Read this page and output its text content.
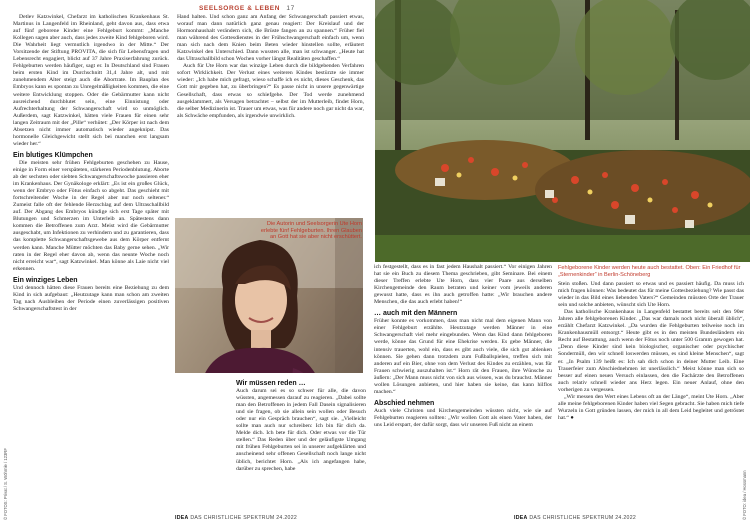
SEELSORGE & LEBEN 17

Detlev Katzwinkel, Chefarzt im katholischen Krankenhaus St. Martinus in Langenfeld im Rheinland, geht davon aus, dass etwa auf fünf geborene Kinder eine Fehlgeburt kommt: „Manche Kollegen sagen aber auch, dass jedes zweite Kind fehlgeboren wird. Die Wahrheit liegt vermutlich irgendwo in der Mitte.“ Der Vorsitzende der Stiftung PROVITA, die sich für Lebensfragen und Lebensrecht engagiert, blickt auf 37 Jahre Praxiserfahrung zurück. Fehlgeburten werden häufiger, sagt er. In Deutschland sind Frauen beim ersten Kind im Durchschnitt 31,4 Jahre alt, und mit zunehmendem Alter steigt auch die Abortrate. Im Bauplan des Embryos kann es spontan zu Unregelmäßigkeiten kommen, die eine weitere Entwicklung stoppen. Oder die Gebärmutter kann nicht ausreichend durchblutet sein, eine Einnistung oder Aufrechterhaltung der Schwangerschaft wird so unmöglich. Außerdem, sagt Katzwinkel, hätten viele Frauen für einen sehr langen Zeitraum mit der „Pille“ verhütet: „Der Körper ist nach dem Absetzen nicht immer automatisch wieder angeknipst. Das hormonelle Gleichgewicht stellt sich bei manchen erst langsam wieder her.“

Ein blutiges Klümpchen

Die meisten sehr frühen Fehlgeburten geschehen zu Hause, einige in Form einer verspäteten, stärkeren Periodenblutung. Aborte ab der sechsten oder siebten Schwangerschaftswoche passieren eher im Krankenhaus. Der Gynäkologe erklärt: „Es ist ein großes Glück, wenn der Embryo oder Fötus einfach so abgeht. Das geschieht mit fortschreitender Woche in der Regel aber nur noch seltener.“ Zumeist falle oft der fehlende Herzschlag auf dem Ultraschallbild auf. Der Abgang des Embryos kündige sich erst Tage später mit Blutungen und Schmerzen im Unterleib an. Spätestens dann kommen die Betroffenen zum Arzt. Meist wird die Gebärmutter ausgeschabt, um Infektionen zu verhindern und zu garantieren, dass das komplette Schwangerschaftsgewebe aus dem Körper entfernt werden kann. Manche Mütter möchten das Baby gerne sehen. „Wir raten in der Regel eher davon ab, wenn das neunte Woche noch nicht erreicht war“, sagt Katzwinkel. Man könne als Laie nicht viel erkennen.

Ein winziges Leben

Und dennoch hätten diese Frauen bereits eine Beziehung zu dem Kind in sich aufgebaut: „Heutzutage kann man schon am zweiten Tag nach Ausbleiben der Periode einen zuverlässigen positiven Schwangerschaftstest in der

Hand halten. Und schon ganz am Anfang der Schwangerschaft passiert etwas, worauf man dann natürlich ganz genau reagiert: Der Kreislauf und der Hormonhaushalt verändern sich, die Brüste fangen an zu spannen.“ Früher fiel man während des Gottesdienstes in der Frühschwangerschaft einfach um, wenn man sich nach dem Knien beim Beten wieder hinstellen sollte, erläutert Katzwinkel den Unterschied. Dann wussten alle, man ist schwanger. „Heute hat das Ultraschallbild schon Wochen vorher längst Realitäten geschaffen.“

Auch für Ute Horn war das winzige Leben durch die bildgebenden Verfahren sofort Wirklichkeit. Der Verlust eines weiteren Kindes bestürzte sie immer wieder: „Ich habe mich gefragt, wieso schaffe ich es nicht, dieses Geschenk, das Gott mir gegeben hat, zu überbringen?“ Es passe nicht in unsere gegenwärtige Gesellschaft, dass etwas so schiefgehe. Der Tod werde zunehmend ausgeklammert, als Versagen betrachtet – selbst der im Mutterleib, findet Horn, die selber Medizinerin ist. Trauer um etwas, was für andere noch gar nicht da war, als Schwäche empfunden, als irgendwie unwirklich.

Die Autorin und Seelsorgerin Ute Horn erlebte fünf Fehlgeburten. Ihren Glauben an Gott hat sie aber nicht erschüttert.
Fehlgeborene Kinder werden heute auch bestattet. Oben: Ein Friedhof für „Sternenkinder“ in Berlin-Schöneberg

ich festgestellt, dass es in fast jedem Haushalt passiert.“ Vor einigen Jahren hat sie ein Buch zu diesem Thema geschrieben, gibt Seminare. Bei einem dieser Treffen erlebte Ute Horn, dass vier Paare aus derselben Kirchengemeinde den Raum betraten und keiner vom jeweils anderen gewusst hatte, dass es ihn auch getroffen hatte: „Wir brauchen andere Menschen, die das auch erlebt haben!“

… auch mit den Männern

Früher konnte es vorkommen, dass man nicht mal dem eigenen Mann von einer Fehlgeburt erzählte. Heutzutage werden Männer in eine Schwangerschaft viel mehr eingebunden. Wenn das Kind dann fehlgeboren werde, könne das Grund für eine Ehekrise werden. Es gebe Männer, die intensiv trauerten, wohl ein, dass es gibt auch viele, die sich gut ablenken können. Sie gehen dann trotzdem zum Fußballspielen, treffen sich mit anderen auf ein Bier, ohne von dem Verlust des Kindes zu erzählen, was für Frauen schwierig auszuhalten ist.“ Horn rät den Frauen, ihre Wünsche zu äußern: „Der Mann muss nicht von sich aus wissen, was du brauchst. Männer wollen Lösungen anbieten, und hier haben sie keine, das kann hilflos machen.“

Abschied nehmen

Auch viele Christen und Kirchengemeinden wüssten nicht, wie sie auf Fehlgeburten reagieren sollten: „Wir wollen Gott als einen Vater haben, der uns Leid erspart, der dafür sorgt, dass wir unseren Fuß nicht an einem

Stein stoßen. Und dann passiert so etwas und es passiert häufig. Da muss ich mich fragen können: Was bedeutet das für meine Gottesbeziehung? Wie passt das wieder in das Bild eines liebenden Vaters?“ Gemeinden müssten Orte der Trauer sein und solche anbieten, wünscht sich Ute Horn.

Das katholische Krankenhaus in Langenfeld bestattet bereits seit den 90er Jahren alle fehlgeborenen Kinder. „Das war damals noch nicht überall üblich“, erzählt Chefarzt Katzwinkel. „Da wurden die Fehlgeburten teilweise noch im Krankenhausmüll entsorgt.“ Heute gibt es in den meisten Bundesländern ein Recht auf Bestattung, auch wenn der Fötus noch unter 500 Gramm gewogen hat. „Denn diese Kinder sind kein biologischer, organischer oder psychischer Sondermüll, den wir schnell loswerden müssen, es sind kleine Menschen“, sagt er. „In Psalm 139 heißt es: Ich sah dich schon in deiner Mutter Leib. Eine Trauerfeier zum Abschiednehmen ist unerlässlich.“ Meist könne man sich so besser auf einen neuen Versuch einlassen, den die Fachärzte den Betroffenen auch relativ schnell wieder ans Herz legen. Ein neuer Anlauf, ohne den vorherigen zu vergessen.

„Wir messen den Wert eines Lebens oft an der Länge“, meint Ute Horn. „Aber alle meine fehlgeborenen Kinder haben viel Segen gebracht. Sie haben mich tiefe Wurzeln in Gott gründen lassen, der mich in all dem Leid begleitet und getröstet hat.“ ●

IDEA DAS CHRISTLICHE SPEKTRUM 24.2022	IDEA DAS CHRISTLICHE SPEKTRUM 24.2022
© FOTOS: Privat / S. Wöhrnle / 123RF	© FOTO: idea / Hossmann
Wir müssen reden …

Auch darum sei es so schwer für alle, die davon wüssten, angemessen darauf zu reagieren. „Dabei sollte man den Betroffenen in jedem Fall Dasein signalisieren und sie fragen, ob sie allein sein wollen oder Besuch oder nur ein Gespräch brauchen“, sagt sie. „Vielleicht sollte man auch nur schreiben: Ich bin für dich da. Melde dich. Ich bete für dich. Oder etwas vor die Tür stellen.“ Das Reden über und der geläufigste Umgang mit frühen Fehlgeburten sei in unserer aufgeklärten und anscheinend sehr offenen Gesellschaft noch lange nicht üblich, berichtet Horn. „Als ich angefangen habe, darüber zu sprechen, habe
